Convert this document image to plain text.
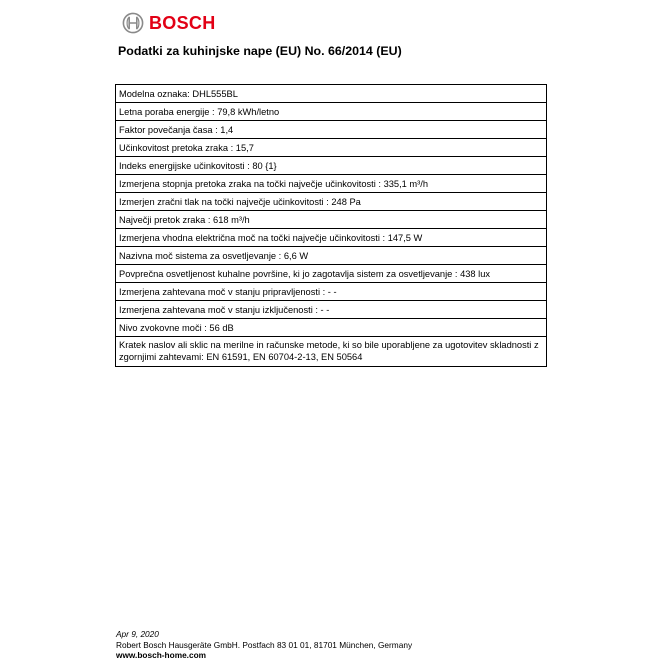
BOSCH
Podatki za kuhinjske nape (EU) No. 66/2014 (EU)
Modelna oznaka: DHL555BL
Letna poraba energije : 79,8 kWh/letno
Faktor povečanja časa : 1,4
Učinkovitost pretoka zraka : 15,7
Indeks energijske učinkovitosti : 80 {1}
Izmerjena stopnja pretoka zraka na točki največje učinkovitosti : 335,1 m³/h
Izmerjen zračni tlak na točki največje učinkovitosti : 248 Pa
Največji pretok zraka : 618 m³/h
Izmerjena vhodna električna moč na točki največje učinkovitosti : 147,5 W
Nazivna moč sistema za osvetljevanje : 6,6 W
Povprečna osvetljenost kuhalne površine, ki jo zagotavlja sistem za osvetljevanje : 438 lux
Izmerjena zahtevana moč v stanju pripravljenosti : - -
Izmerjena zahtevana moč v stanju izključenosti : - -
Nivo zvokovne moči : 56 dB
Kratek naslov ali sklic na merilne in računske metode, ki so bile uporabljene za ugotovitev skladnosti z zgornjimi zahtevami: EN 61591, EN 60704-2-13, EN 50564
Apr 9, 2020
Robert Bosch Hausgeräte GmbH. Postfach 83 01 01, 81701 München, Germany
www.bosch-home.com
